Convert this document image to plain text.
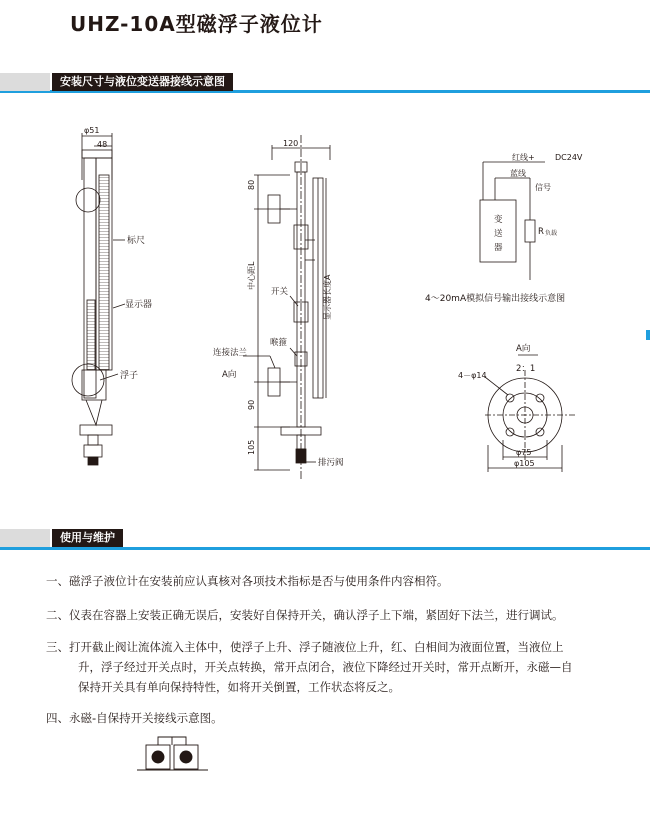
UHZ-10A型磁浮子液位计
安装尺寸与液位变送器接线示意图
使用与维护
φ51
48
标尺
显示器
浮子
120
80
中心距L	显示器长度A
开关
喉箍
连接法兰
A向
90
105
排污阀
红线+	DC24V
蓝线
信号
变
送
器
R 负载
4～20mA模拟信号输出接线示意图
A向
2：1
4－φ14
φ75
φ105
一、磁浮子液位计在安装前应认真核对各项技术指标是否与使用条件内容相符。
二、仪表在容器上安装正确无误后，安装好自保持开关，确认浮子上下端，紧固好下法兰，进行调试。
三、打开截止阀让流体流入主体中，使浮子上升、浮子随液位上升，红、白相间为液面位置，当液位上
升，浮子经过开关点时，开关点转换，常开点闭合，液位下降经过开关时，常开点断开，永磁—自
保持开关具有单向保持特性，如将开关倒置，工作状态将反之。
四、永磁-自保持开关接线示意图。
